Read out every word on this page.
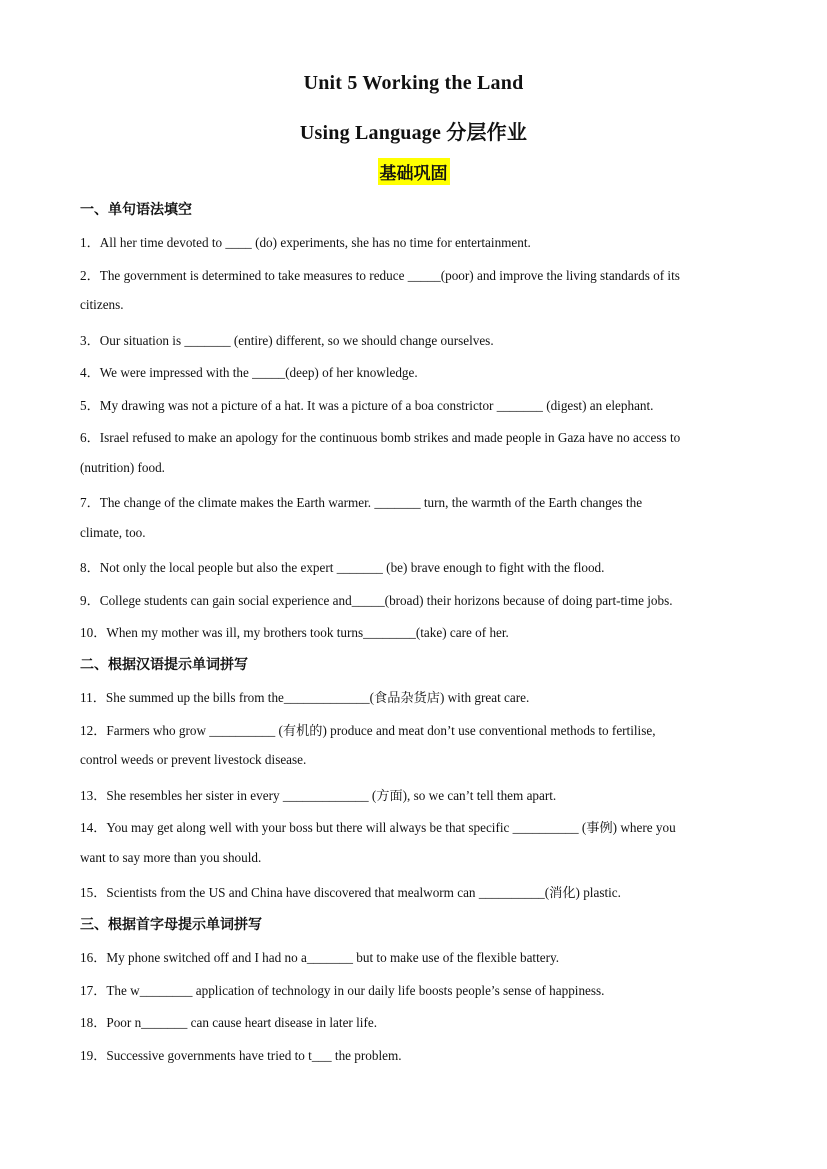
Unit 5 Working the Land
Using Language 分层作业
基础巩固
一、单句语法填空
1．All her time devoted to ____ (do) experiments, she has no time for entertainment.
2．The government is determined to take measures to reduce _____(poor) and improve the living standards of its
citizens.
3．Our situation is _______ (entire) different, so we should change ourselves.
4．We were impressed with the _____(deep) of her knowledge.
5．My drawing was not a picture of a hat. It was a picture of a boa constrictor _______ (digest) an elephant.
6．Israel refused to make an apology for the continuous bomb strikes and made people in Gaza have no access to
(nutrition) food.
7．The change of the climate makes the Earth warmer. _______ turn, the warmth of the Earth changes the
climate, too.
8．Not only the local people but also the expert _______ (be) brave enough to fight with the flood.
9．College students can gain social experience and_____(broad) their horizons because of doing part-time jobs.
10．When my mother was ill, my brothers took turns________(take) care of her.
二、根据汉语提示单词拼写
11．She summed up the bills from the_____________(食品杂货店) with great care.
12．Farmers who grow __________ (有机的) produce and meat don’t use conventional methods to fertilise,
control weeds or prevent livestock disease.
13．She resembles her sister in every _____________ (方面), so we can’t tell them apart.
14．You may get along well with your boss but there will always be that specific __________ (事例) where you
want to say more than you should.
15．Scientists from the US and China have discovered that mealworm can __________(消化) plastic.
三、根据首字母提示单词拼写
16．My phone switched off and I had no a_______ but to make use of the flexible battery.
17．The w________ application of technology in our daily life boosts people’s sense of happiness.
18．Poor n_______ can cause heart disease in later life.
19．Successive governments have tried to t___ the problem.
